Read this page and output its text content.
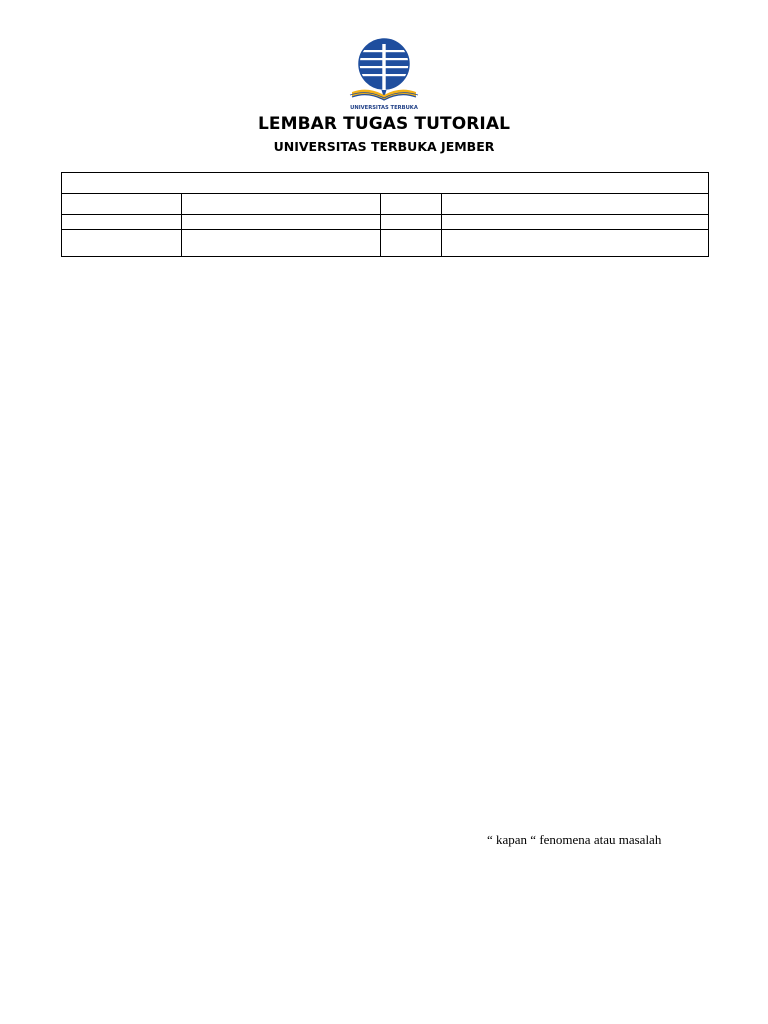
UNIVERSITAS TERBUKA
LEMBAR TUGAS TUTORIAL
UNIVERSITAS TERBUKA JEMBER

“ kapan “ fenomena atau masalah
